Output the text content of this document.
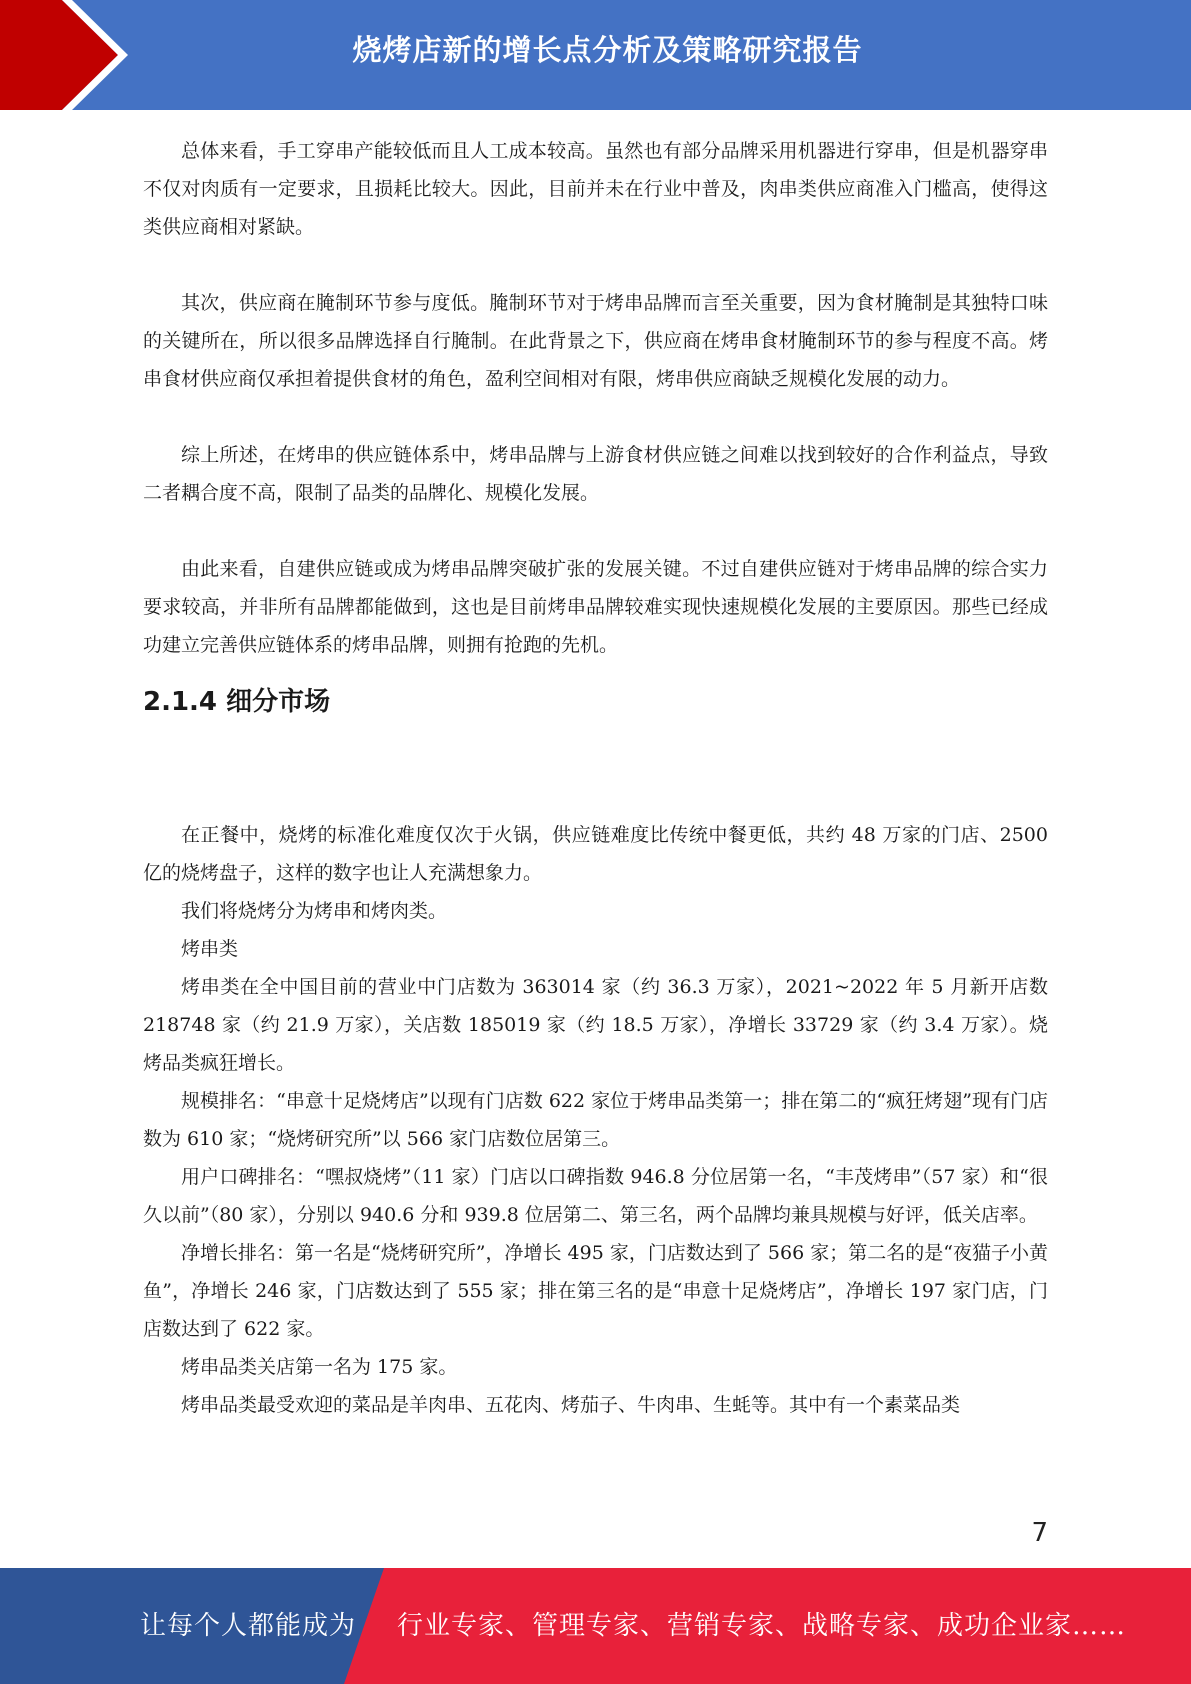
烧烤店新的增长点分析及策略研究报告

总体来看，手工穿串产能较低而且人工成本较高。虽然也有部分品牌采用机器进行穿串，但是机器穿串不仅对肉质有一定要求，且损耗比较大。因此，目前并未在行业中普及，肉串类供应商准入门槛高，使得这类供应商相对紧缺。

其次，供应商在腌制环节参与度低。腌制环节对于烤串品牌而言至关重要，因为食材腌制是其独特口味的关键所在，所以很多品牌选择自行腌制。在此背景之下，供应商在烤串食材腌制环节的参与程度不高。烤串食材供应商仅承担着提供食材的角色，盈利空间相对有限，烤串供应商缺乏规模化发展的动力。

综上所述，在烤串的供应链体系中，烤串品牌与上游食材供应链之间难以找到较好的合作利益点，导致二者耦合度不高，限制了品类的品牌化、规模化发展。

由此来看，自建供应链或成为烤串品牌突破扩张的发展关键。不过自建供应链对于烤串品牌的综合实力要求较高，并非所有品牌都能做到，这也是目前烤串品牌较难实现快速规模化发展的主要原因。那些已经成功建立完善供应链体系的烤串品牌，则拥有抢跑的先机。

2.1.4 细分市场

在正餐中，烧烤的标准化难度仅次于火锅，供应链难度比传统中餐更低，共约 48 万家的门店、2500 亿的烧烤盘子，这样的数字也让人充满想象力。

我们将烧烤分为烤串和烤肉类。

烤串类

烤串类在全中国目前的营业中门店数为 363014 家（约 36.3 万家），2021~2022 年 5 月新开店数 218748 家（约 21.9 万家），关店数 185019 家（约 18.5 万家），净增长 33729 家（约 3.4 万家）。烧烤品类疯狂增长。

规模排名：“串意十足烧烤店”以现有门店数 622 家位于烤串品类第一；排在第二的“疯狂烤翅”现有门店数为 610 家；“烧烤研究所”以 566 家门店数位居第三。

用户口碑排名：“嘿叔烧烤”（11 家）门店以口碑指数 946.8 分位居第一名，“丰茂烤串”（57 家）和“很久以前”（80 家），分别以 940.6 分和 939.8 位居第二、第三名，两个品牌均兼具规模与好评，低关店率。

净增长排名：第一名是“烧烤研究所”，净增长 495 家，门店数达到了 566 家；第二名的是“夜猫子小黄鱼”，净增长 246 家，门店数达到了 555 家；排在第三名的是“串意十足烧烤店”，净增长 197 家门店，门店数达到了 622 家。

烤串品类关店第一名为 175 家。

烤串品类最受欢迎的菜品是羊肉串、五花肉、烤茄子、牛肉串、生蚝等。其中有一个素菜品类

7
让每个人都能成为 行业专家、管理专家、营销专家、战略专家、成功企业家……
